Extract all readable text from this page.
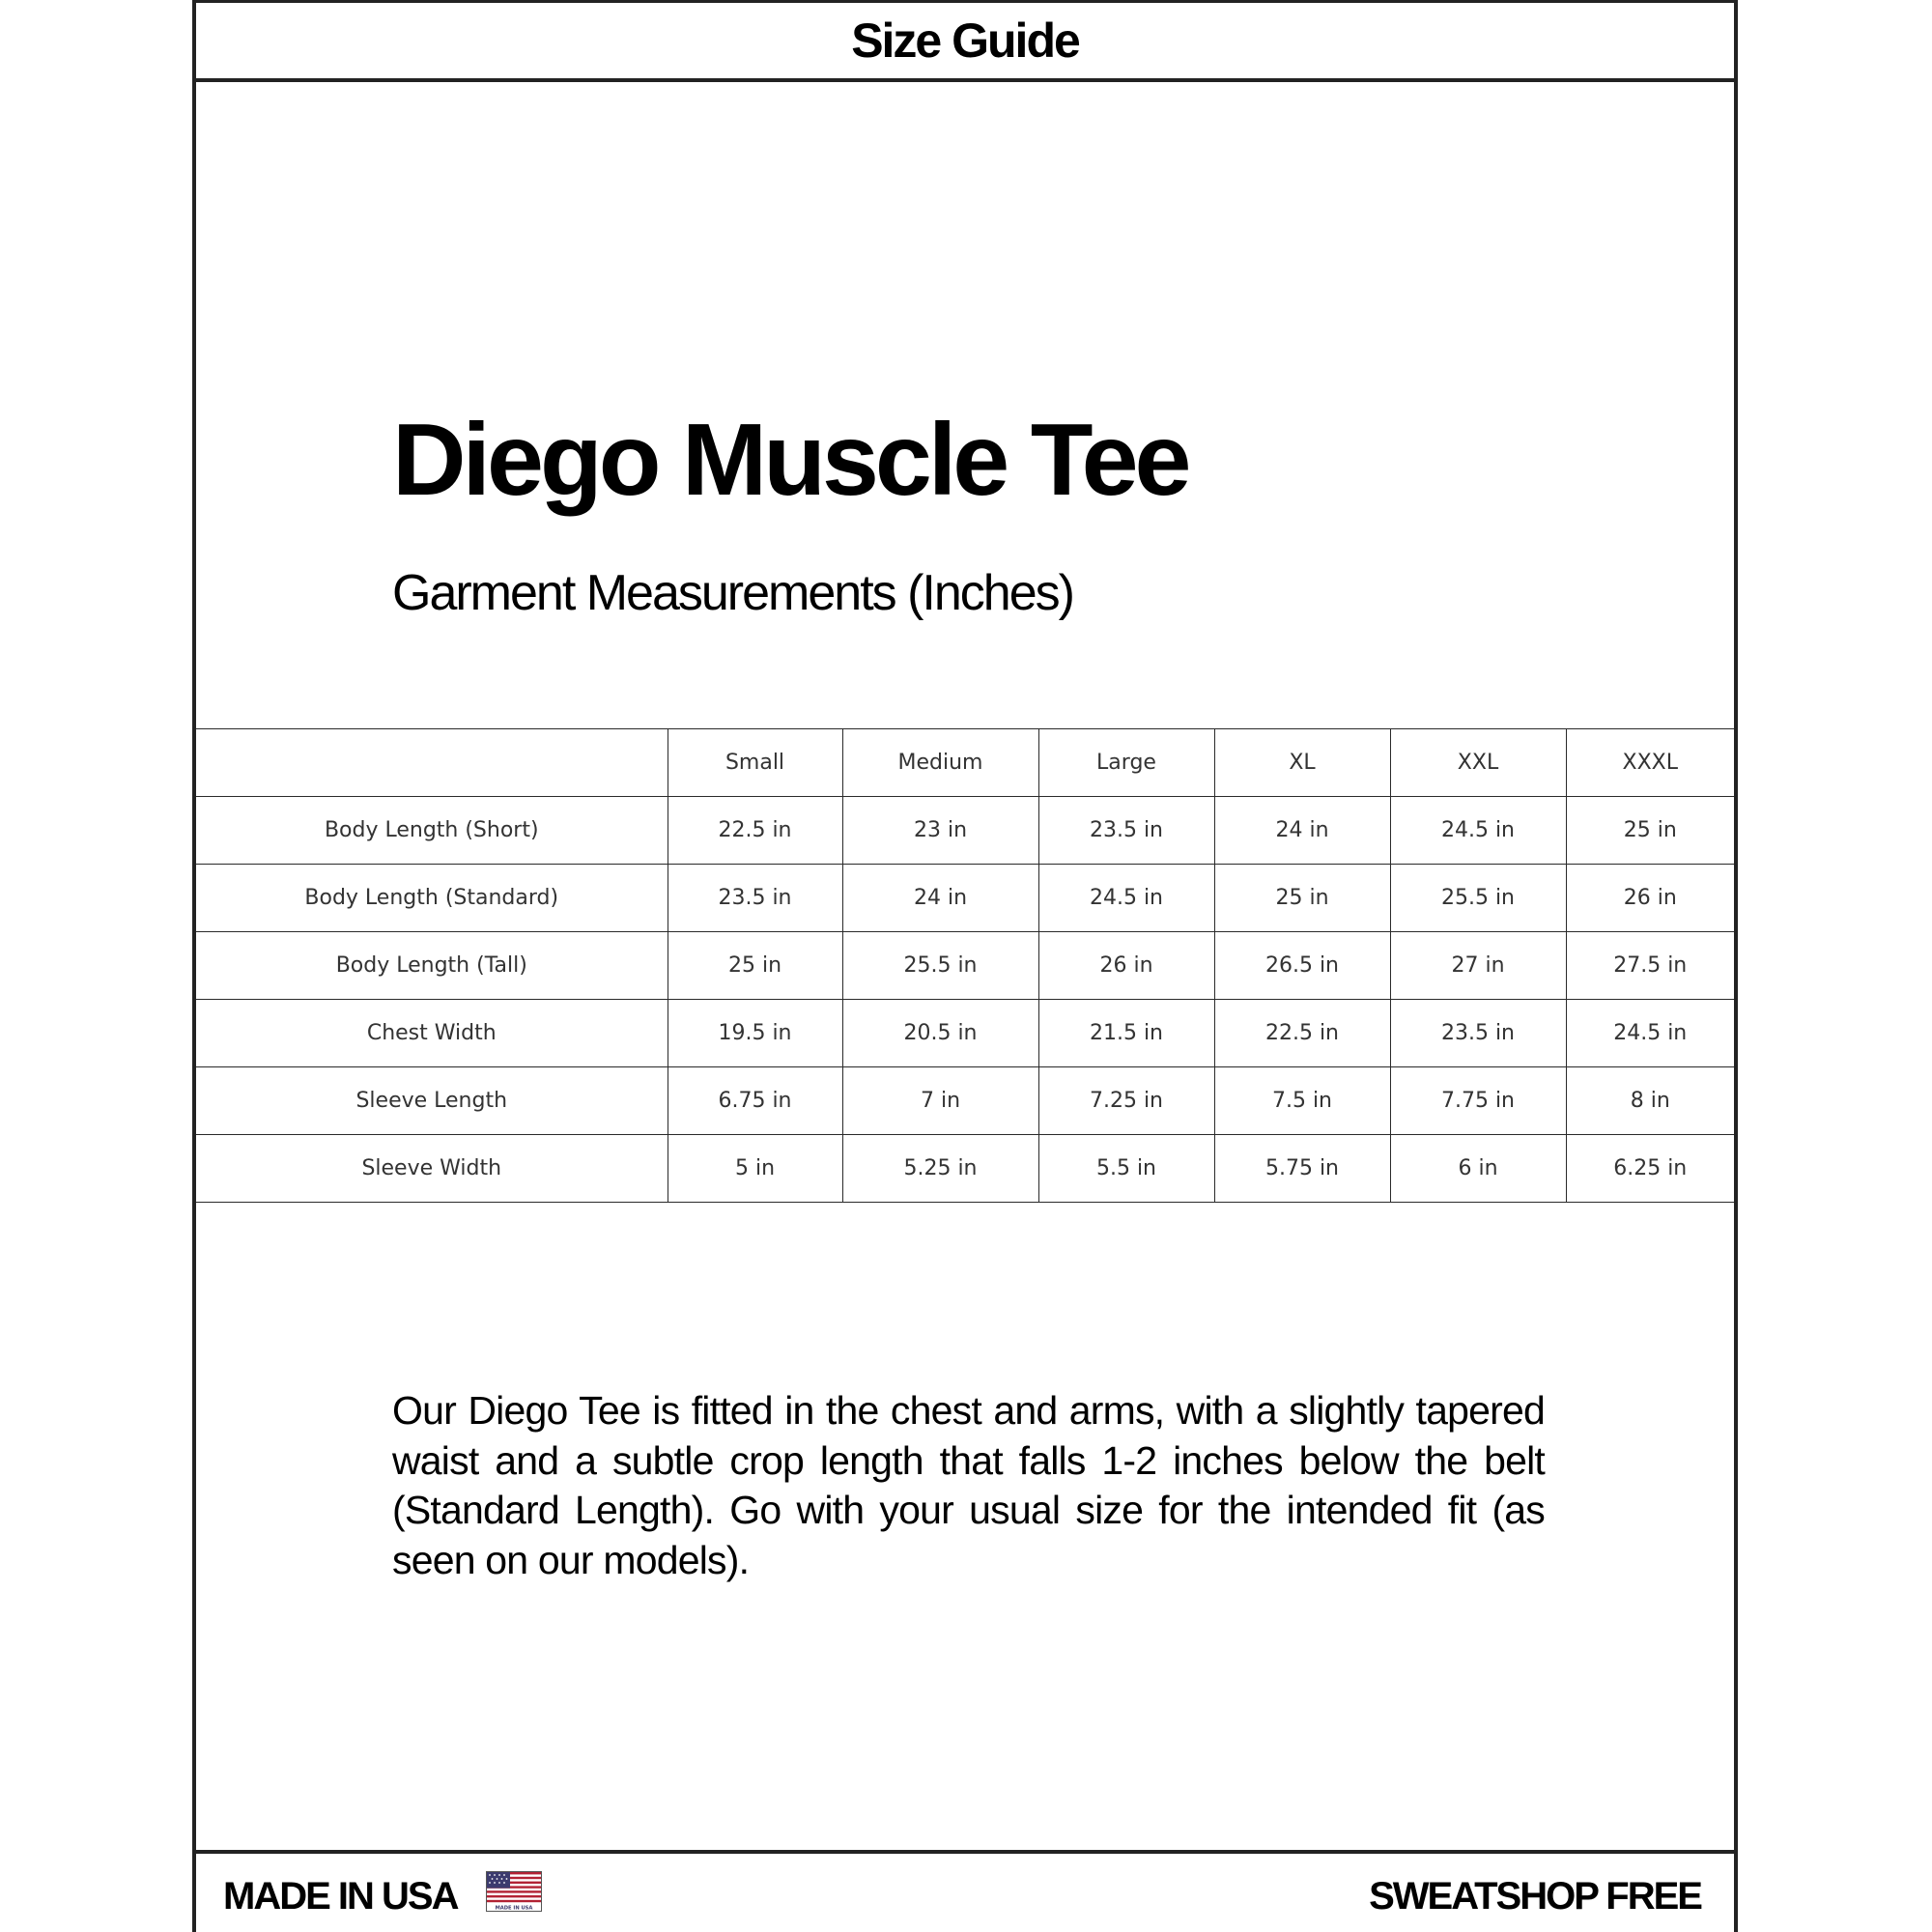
Size Guide
Diego Muscle Tee
Garment Measurements (Inches)
	Small	Medium	Large	XL	XXL	XXXL
Body Length (Short)	22.5 in	23 in	23.5 in	24 in	24.5 in	25 in
Body Length (Standard)	23.5 in	24 in	24.5 in	25 in	25.5 in	26 in
Body Length (Tall)	25 in	25.5 in	26 in	26.5 in	27 in	27.5 in
Chest Width	19.5 in	20.5 in	21.5 in	22.5 in	23.5 in	24.5 in
Sleeve Length	6.75 in	7 in	7.25 in	7.5 in	7.75 in	8 in
Sleeve Width	5 in	5.25 in	5.5 in	5.75 in	6 in	6.25 in
Our Diego Tee is fitted in the chest and arms, with a slightly tapered waist and a subtle crop length that falls 1-2 inches below the belt (Standard Length). Go with your usual size for the intended fit (as seen on our models).
MADE IN USA	MADE IN USA	SWEATSHOP FREE
